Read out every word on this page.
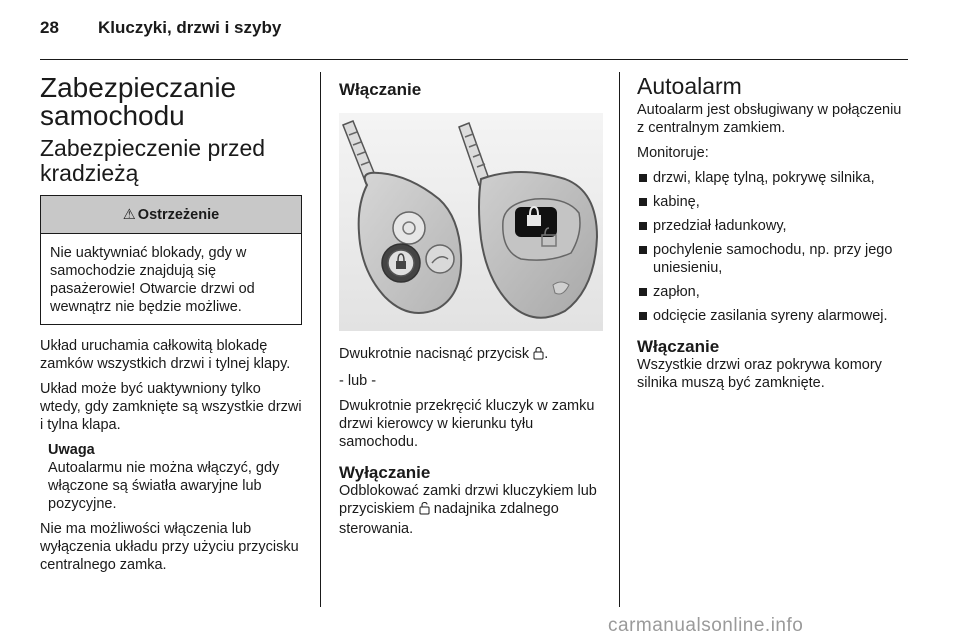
28 Kluczyki, drzwi i szyby
Zabezpieczanie
samochodu
Zabezpieczenie przed
kradzieżą
⚠ Ostrzeżenie
Nie uaktywniać blokady, gdy w samochodzie znajdują się pasażerowie! Otwarcie drzwi od wewnątrz nie będzie możliwe.

Układ uruchamia całkowitą blokadę zamków wszystkich drzwi i tylnej klapy.

Układ może być uaktywniony tylko wtedy, gdy zamknięte są wszystkie drzwi i tylna klapa.

Uwaga
Autoalarmu nie można włączyć, gdy włączone są światła awaryjne lub pozycyjne.

Nie ma możliwości włączenia lub wyłączenia układu przy użyciu przycisku centralnego zamka.

Włączanie

Dwukrotnie nacisnąć przycisk .

- lub -

Dwukrotnie przekręcić kluczyk w zamku drzwi kierowcy w kierunku tyłu samochodu.

Wyłączanie

Odblokować zamki drzwi kluczykiem lub przyciskiem  nadajnika zdalnego sterowania.

Autoalarm

Autoalarm jest obsługiwany w połączeniu z centralnym zamkiem.

Monitoruje:

drzwi, klapę tylną, pokrywę silnika,
kabinę,
przedział ładunkowy,
pochylenie samochodu, np. przy jego uniesieniu,
zapłon,
odcięcie zasilania syreny alarmowej.
Włączanie

Wszystkie drzwi oraz pokrywa komory silnika muszą być zamknięte.

carmanualsonline.info
